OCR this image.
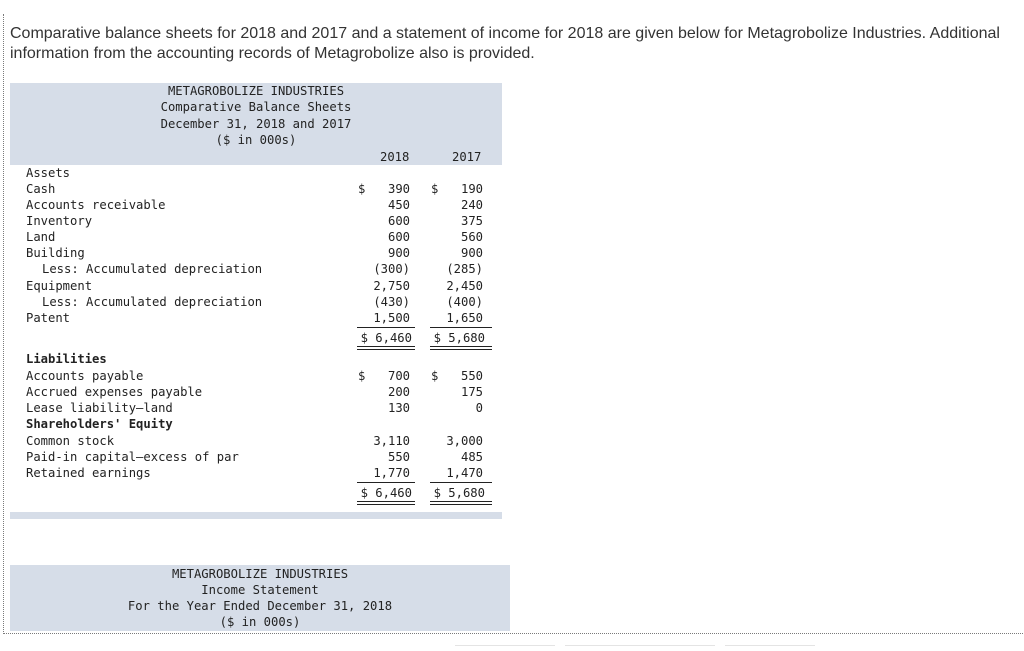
Comparative balance sheets for 2018 and 2017 and a statement of income for 2018 are given below for Metagrobolize Industries. Additional information from the accounting records of Metagrobolize also is provided.
METAGROBOLIZE INDUSTRIES
Comparative Balance Sheets
December 31, 2018 and 2017
($ in 000s)
2018	2017
Assets
Cash	$	390 $	190
Accounts receivable	450	240
Inventory	600	375
Land	600	560
Building	900	900
Less: Accumulated depreciation	(300)	(285)
Equipment	2,750	2,450
Less: Accumulated depreciation	(430)	(400)
Patent	1,500	1,650
$ 6,460	$ 5,680
Liabilities
Accounts payable	$	700 $	550
Accrued expenses payable	200	175
Lease liability—land	130	0
Shareholders' Equity
Common stock	3,110	3,000
Paid-in capital—excess of par	550	485
Retained earnings	1,770	1,470
$ 6,460	$ 5,680
METAGROBOLIZE INDUSTRIES
Income Statement
For the Year Ended December 31, 2018
($ in 000s)
